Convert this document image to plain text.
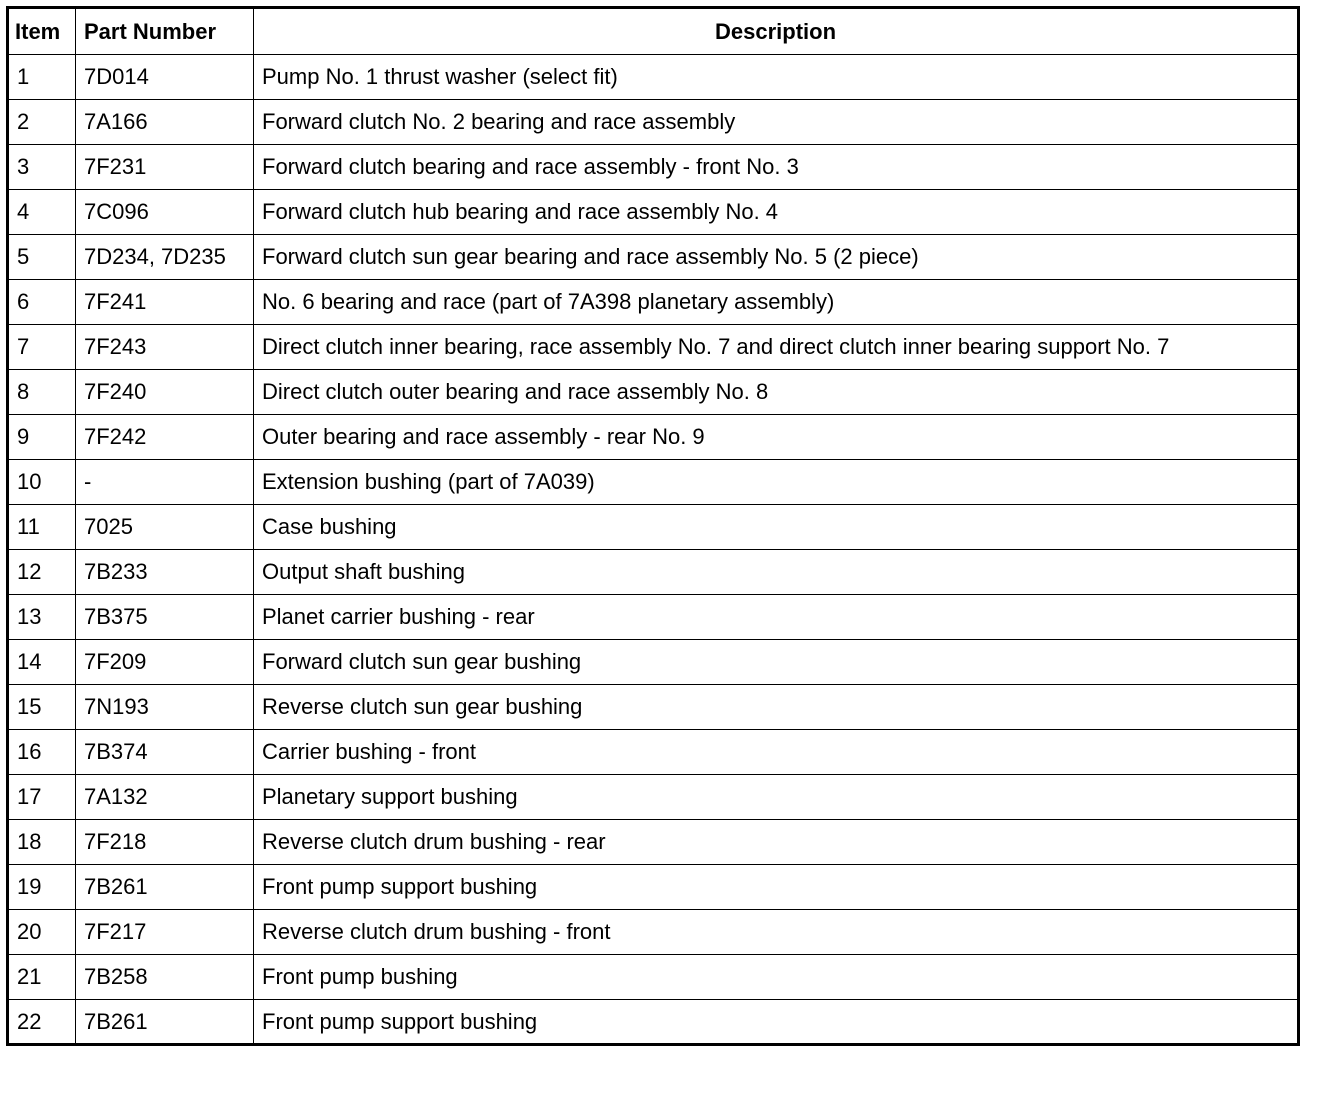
Item	Part Number	Description
1	7D014	Pump No. 1 thrust washer (select fit)
2	7A166	Forward clutch No. 2 bearing and race assembly
3	7F231	Forward clutch bearing and race assembly - front No. 3
4	7C096	Forward clutch hub bearing and race assembly No. 4
5	7D234, 7D235	Forward clutch sun gear bearing and race assembly No. 5 (2 piece)
6	7F241	No. 6 bearing and race (part of 7A398 planetary assembly)
7	7F243	Direct clutch inner bearing, race assembly No. 7 and direct clutch inner bearing support No. 7
8	7F240	Direct clutch outer bearing and race assembly No. 8
9	7F242	Outer bearing and race assembly - rear No. 9
10	-	Extension bushing (part of 7A039)
11	7025	Case bushing
12	7B233	Output shaft bushing
13	7B375	Planet carrier bushing - rear
14	7F209	Forward clutch sun gear bushing
15	7N193	Reverse clutch sun gear bushing
16	7B374	Carrier bushing - front
17	7A132	Planetary support bushing
18	7F218	Reverse clutch drum bushing - rear
19	7B261	Front pump support bushing
20	7F217	Reverse clutch drum bushing - front
21	7B258	Front pump bushing
22	7B261	Front pump support bushing
